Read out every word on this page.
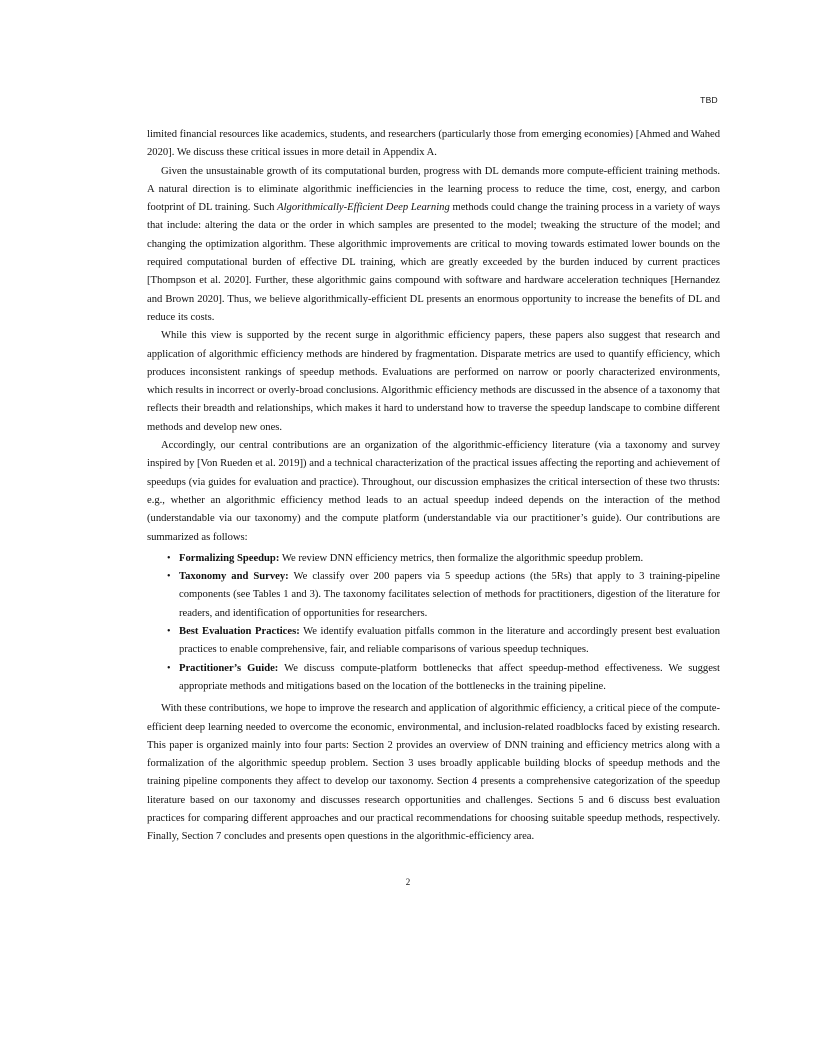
TBD

limited financial resources like academics, students, and researchers (particularly those from emerging economies) [Ahmed and Wahed 2020]. We discuss these critical issues in more detail in Appendix A.

Given the unsustainable growth of its computational burden, progress with DL demands more compute-efficient training methods. A natural direction is to eliminate algorithmic inefficiencies in the learning process to reduce the time, cost, energy, and carbon footprint of DL training. Such Algorithmically-Efficient Deep Learning methods could change the training process in a variety of ways that include: altering the data or the order in which samples are presented to the model; tweaking the structure of the model; and changing the optimization algorithm. These algorithmic improvements are critical to moving towards estimated lower bounds on the required computational burden of effective DL training, which are greatly exceeded by the burden induced by current practices [Thompson et al. 2020]. Further, these algorithmic gains compound with software and hardware acceleration techniques [Hernandez and Brown 2020]. Thus, we believe algorithmically-efficient DL presents an enormous opportunity to increase the benefits of DL and reduce its costs.

While this view is supported by the recent surge in algorithmic efficiency papers, these papers also suggest that research and application of algorithmic efficiency methods are hindered by fragmentation. Disparate metrics are used to quantify efficiency, which produces inconsistent rankings of speedup methods. Evaluations are performed on narrow or poorly characterized environments, which results in incorrect or overly-broad conclusions. Algorithmic efficiency methods are discussed in the absence of a taxonomy that reflects their breadth and relationships, which makes it hard to understand how to traverse the speedup landscape to combine different methods and develop new ones.

Accordingly, our central contributions are an organization of the algorithmic-efficiency literature (via a taxonomy and survey inspired by [Von Rueden et al. 2019]) and a technical characterization of the practical issues affecting the reporting and achievement of speedups (via guides for evaluation and practice). Throughout, our discussion emphasizes the critical intersection of these two thrusts: e.g., whether an algorithmic efficiency method leads to an actual speedup indeed depends on the interaction of the method (understandable via our taxonomy) and the compute platform (understandable via our practitioner’s guide). Our contributions are summarized as follows:

• Formalizing Speedup: We review DNN efficiency metrics, then formalize the algorithmic speedup problem.
• Taxonomy and Survey: We classify over 200 papers via 5 speedup actions (the 5Rs) that apply to 3 training-pipeline components (see Tables 1 and 3). The taxonomy facilitates selection of methods for practitioners, digestion of the literature for readers, and identification of opportunities for researchers.
• Best Evaluation Practices: We identify evaluation pitfalls common in the literature and accordingly present best evaluation practices to enable comprehensive, fair, and reliable comparisons of various speedup techniques.
• Practitioner’s Guide: We discuss compute-platform bottlenecks that affect speedup-method effectiveness. We suggest appropriate methods and mitigations based on the location of the bottlenecks in the training pipeline.

With these contributions, we hope to improve the research and application of algorithmic efficiency, a critical piece of the compute-efficient deep learning needed to overcome the economic, environmental, and inclusion-related roadblocks faced by existing research. This paper is organized mainly into four parts: Section 2 provides an overview of DNN training and efficiency metrics along with a formalization of the algorithmic speedup problem. Section 3 uses broadly applicable building blocks of speedup methods and the training pipeline components they affect to develop our taxonomy. Section 4 presents a comprehensive categorization of the speedup literature based on our taxonomy and discusses research opportunities and challenges. Sections 5 and 6 discuss best evaluation practices for comparing different approaches and our practical recommendations for choosing suitable speedup methods, respectively. Finally, Section 7 concludes and presents open questions in the algorithmic-efficiency area.

2
